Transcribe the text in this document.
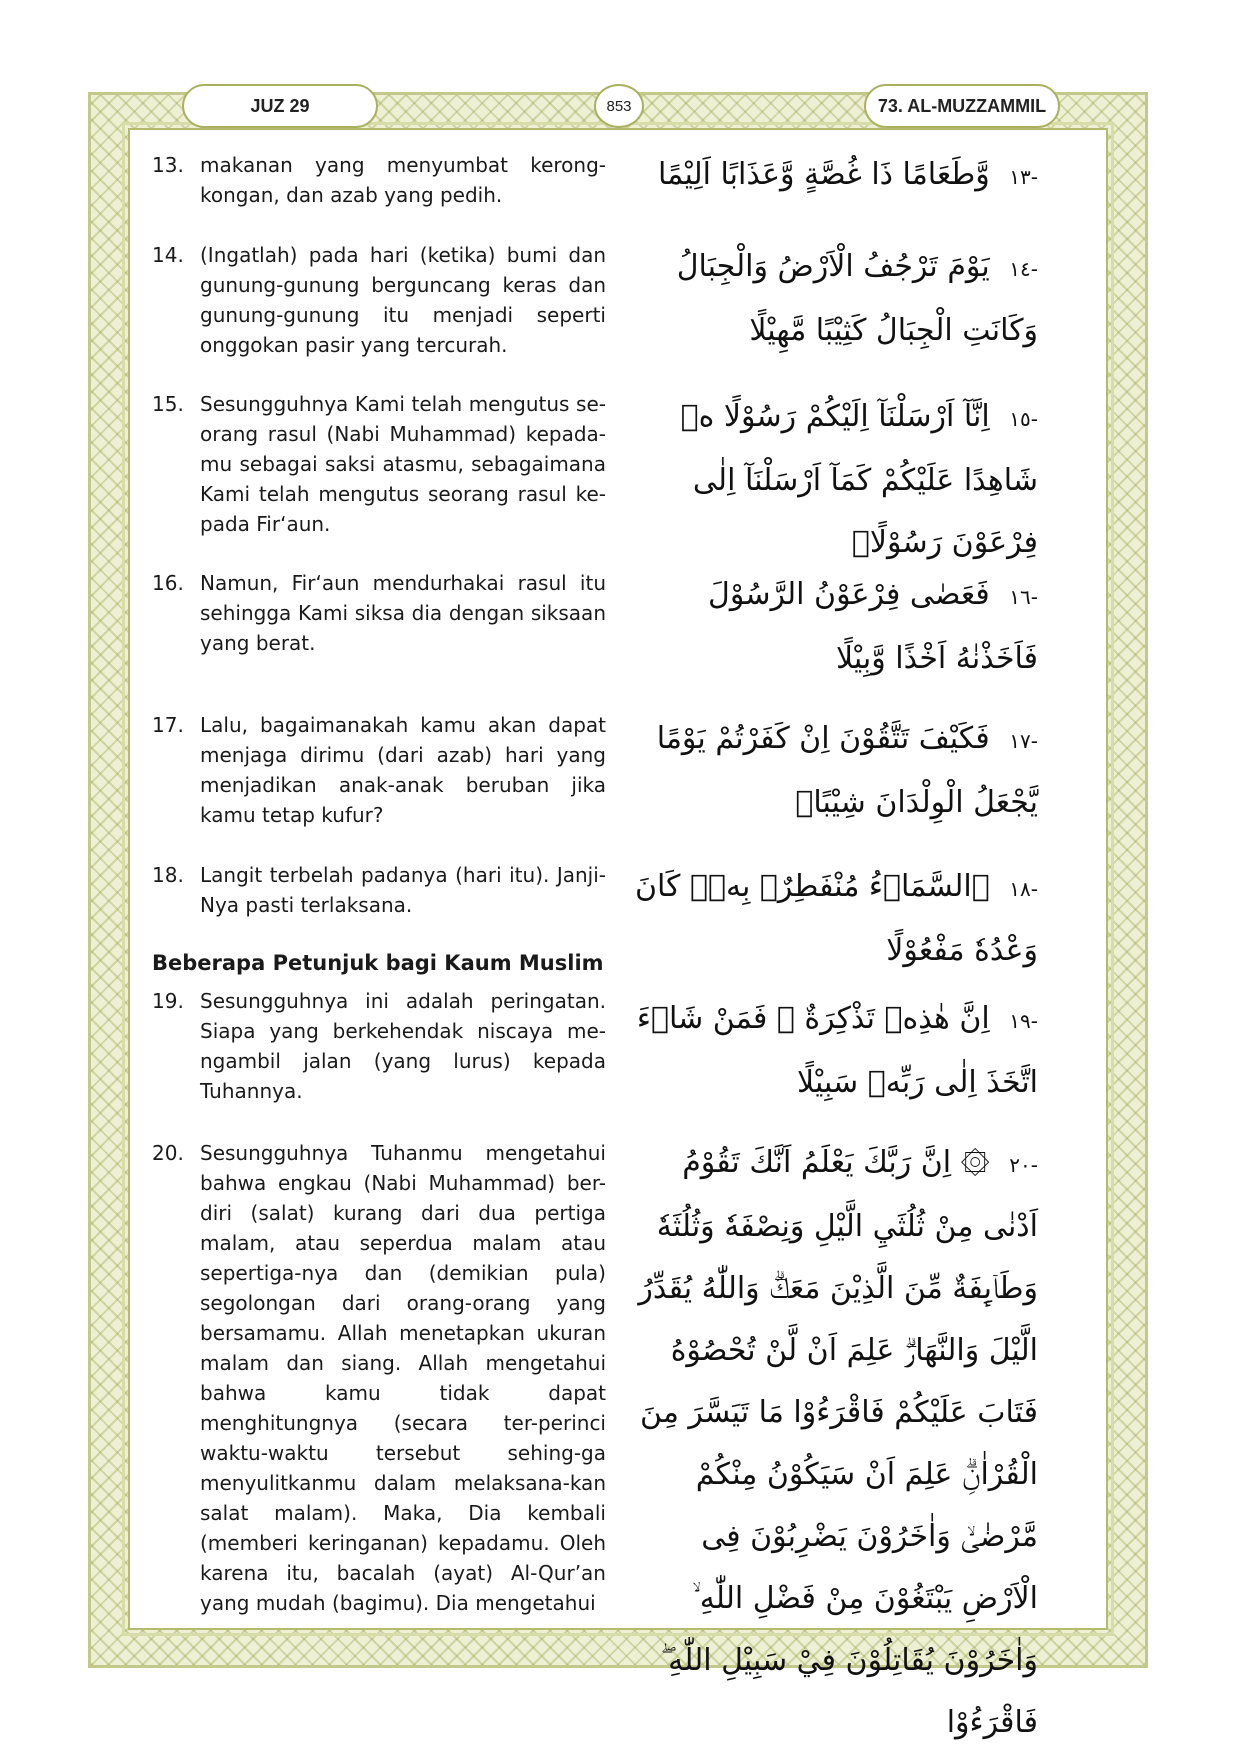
JUZ 29	853	73. AL-MUZZAMMIL
13. makanan yang menyumbat kerong-kongan, dan azab yang pedih.
-١٣ وَّطَعَامًا ذَا غُصَّةٍ وَّعَذَابًا اَلِيْمًا
14. (Ingatlah) pada hari (ketika) bumi dan gunung-gunung berguncang keras dan gunung-gunung itu menjadi seperti onggokan pasir yang tercurah.
-١٤ يَوْمَ تَرْجُفُ الْاَرْضُ وَالْجِبَالُ وَكَانَتِ الْجِبَالُ كَثِيْبًا مَّهِيْلًا
15. Sesungguhnya Kami telah mengutus se-orang rasul (Nabi Muhammad) kepada-mu sebagai saksi atasmu, sebagaimana Kami telah mengutus seorang rasul ke-pada Fir‘aun.
-١٥ اِنَّآ اَرْسَلْنَآ اِلَيْكُمْ رَسُوْلًا ەۙ شَاهِدًا عَلَيْكُمْ كَمَآ اَرْسَلْنَآ اِلٰى فِرْعَوْنَ رَسُوْلًاۗ
16. Namun, Fir‘aun mendurhakai rasul itu sehingga Kami siksa dia dengan siksaan yang berat.
-١٦ فَعَصٰى فِرْعَوْنُ الرَّسُوْلَ فَاَخَذْنٰهُ اَخْذًا وَّبِيْلًا
17. Lalu, bagaimanakah kamu akan dapat menjaga dirimu (dari azab) hari yang menjadikan anak-anak beruban jika kamu tetap kufur?
-١٧ فَكَيْفَ تَتَّقُوْنَ اِنْ كَفَرْتُمْ يَوْمًا يَّجْعَلُ الْوِلْدَانَ شِيْبًاۖ
18. Langit terbelah padanya (hari itu). Janji-Nya pasti terlaksana.
-١٨ ۨالسَّمَاۤءُ مُنْفَطِرٌۢ بِهٖۗ كَانَ وَعْدُهٗ مَفْعُوْلًا
Beberapa Petunjuk bagi Kaum Muslim
19. Sesungguhnya ini adalah peringatan. Siapa yang berkehendak niscaya me-ngambil jalan (yang lurus) kepada Tuhannya.
-١٩ اِنَّ هٰذِهٖ تَذْكِرَةٌ ۚ فَمَنْ شَاۤءَ اتَّخَذَ اِلٰى رَبِّهٖ سَبِيْلًا
20. Sesungguhnya Tuhanmu mengetahui bahwa engkau (Nabi Muhammad) ber-diri (salat) kurang dari dua pertiga malam, atau seperdua malam atau sepertiga-nya dan (demikian pula) segolongan dari orang-orang yang bersamamu. Allah menetapkan ukuran malam dan siang. Allah mengetahui bahwa kamu tidak dapat menghitungnya (secara ter-perinci waktu-waktu tersebut sehing-ga menyulitkanmu dalam melaksana-kan salat malam). Maka, Dia kembali (memberi keringanan) kepadamu. Oleh karena itu, bacalah (ayat) Al-Qur’an yang mudah (bagimu). Dia mengetahui
-٢٠ ۞ اِنَّ رَبَّكَ يَعْلَمُ اَنَّكَ تَقُوْمُ اَدْنٰى مِنْ ثُلُثَيِ الَّيْلِ وَنِصْفَهٗ وَثُلُثَهٗ وَطَاۤىِٕفَةٌ مِّنَ الَّذِيْنَ مَعَكَۗ وَاللّٰهُ يُقَدِّرُ الَّيْلَ وَالنَّهَارَۗ عَلِمَ اَنْ لَّنْ تُحْصُوْهُ فَتَابَ عَلَيْكُمْ فَاقْرَءُوْا مَا تَيَسَّرَ مِنَ الْقُرْاٰنِۗ عَلِمَ اَنْ سَيَكُوْنُ مِنْكُمْ مَّرْضٰىۙ وَاٰخَرُوْنَ يَضْرِبُوْنَ فِى الْاَرْضِ يَبْتَغُوْنَ مِنْ فَضْلِ اللّٰهِ ۙ وَاٰخَرُوْنَ يُقَاتِلُوْنَ فِيْ سَبِيْلِ اللّٰهِ ۖ فَاقْرَءُوْا
